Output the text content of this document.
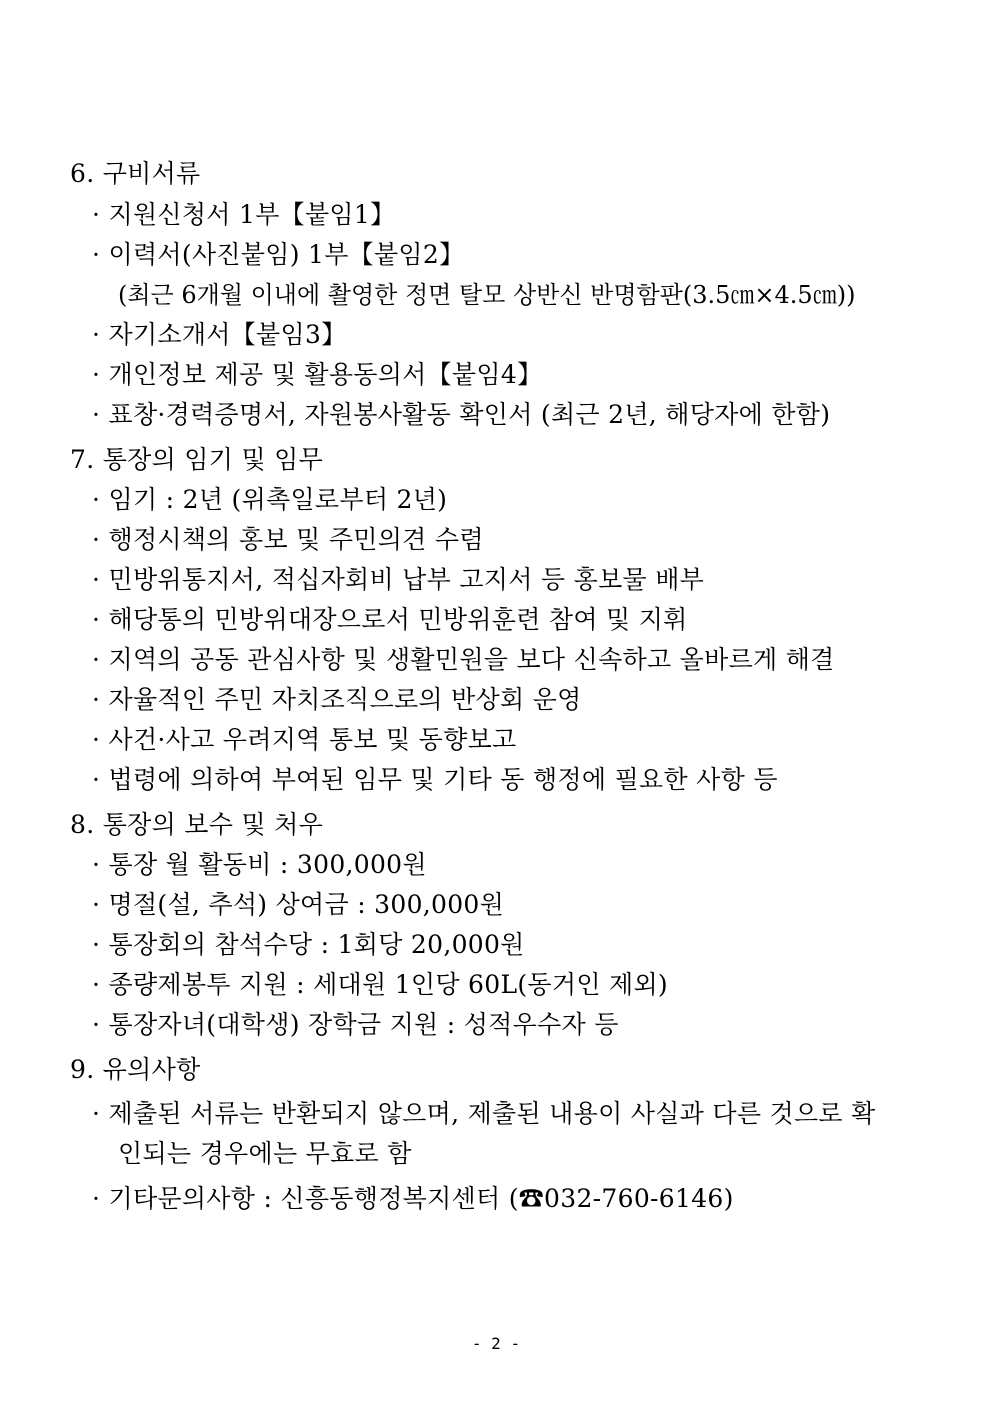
6. 구비서류
· 지원신청서 1부【붙임1】
· 이력서(사진붙임) 1부【붙임2】
(최근 6개월 이내에 촬영한 정면 탈모 상반신 반명함판(3.5㎝×4.5㎝))
· 자기소개서【붙임3】
· 개인정보 제공 및 활용동의서【붙임4】
· 표창·경력증명서, 자원봉사활동 확인서 (최근 2년, 해당자에 한함)
7. 통장의 임기 및 임무
· 임기 : 2년 (위촉일로부터 2년)
· 행정시책의 홍보 및 주민의견 수렴
· 민방위통지서, 적십자회비 납부 고지서 등 홍보물 배부
· 해당통의 민방위대장으로서 민방위훈련 참여 및 지휘
· 지역의 공동 관심사항 및 생활민원을 보다 신속하고 올바르게 해결
· 자율적인 주민 자치조직으로의 반상회 운영
· 사건·사고 우려지역 통보 및 동향보고
· 법령에 의하여 부여된 임무 및 기타 동 행정에 필요한 사항 등
8. 통장의 보수 및 처우
· 통장 월 활동비 : 300,000원
· 명절(설, 추석) 상여금 : 300,000원
· 통장회의 참석수당 : 1회당 20,000원
· 종량제봉투 지원 : 세대원 1인당 60L(동거인 제외)
· 통장자녀(대학생) 장학금 지원 : 성적우수자 등
9. 유의사항
· 제출된 서류는 반환되지 않으며, 제출된 내용이 사실과 다른 것으로 확
인되는 경우에는 무효로 함
· 기타문의사항 : 신흥동행정복지센터 (☎032-760-6146)
- 2 -
